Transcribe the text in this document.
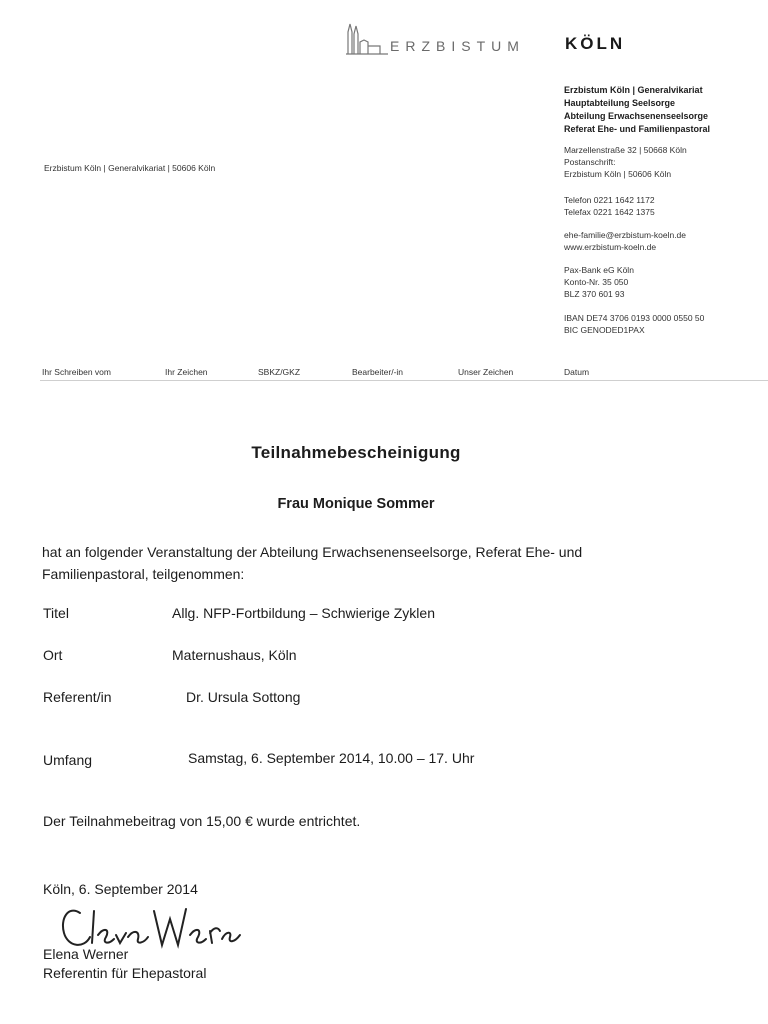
ERZBISTUM KÖLN
Erzbistum Köln | Generalvikariat
Hauptabteilung Seelsorge
Abteilung Erwachsenenseelsorge
Referat Ehe- und Familienpastoral
Marzellenstraße 32 | 50668 Köln
Postanschrift:
Erzbistum Köln | 50606 Köln
Telefon 0221 1642 1172
Telefax 0221 1642 1375
ehe-familie@erzbistum-koeln.de
www.erzbistum-koeln.de
Pax-Bank eG Köln
Konto-Nr. 35 050
BLZ 370 601 93
IBAN DE74 3706 0193 0000 0550 50
BIC GENODED1PAX
Erzbistum Köln | Generalvikariat | 50606 Köln
Ihr Schreiben vom	Ihr Zeichen	SBKZ/GKZ	Bearbeiter/-in	Unser Zeichen	Datum
Teilnahmebescheinigung
Frau Monique Sommer
hat an folgender Veranstaltung der Abteilung Erwachsenenseelsorge, Referat Ehe- und Familienpastoral, teilgenommen:
Titel	Allg. NFP-Fortbildung – Schwierige Zyklen
Ort	Maternushaus, Köln
Referent/in	Dr. Ursula Sottong
Umfang	Samstag, 6. September 2014, 10.00 – 17. Uhr
Der Teilnahmebeitrag von 15,00 € wurde entrichtet.
Köln, 6. September 2014
Elena Werner
Referentin für Ehepastoral
